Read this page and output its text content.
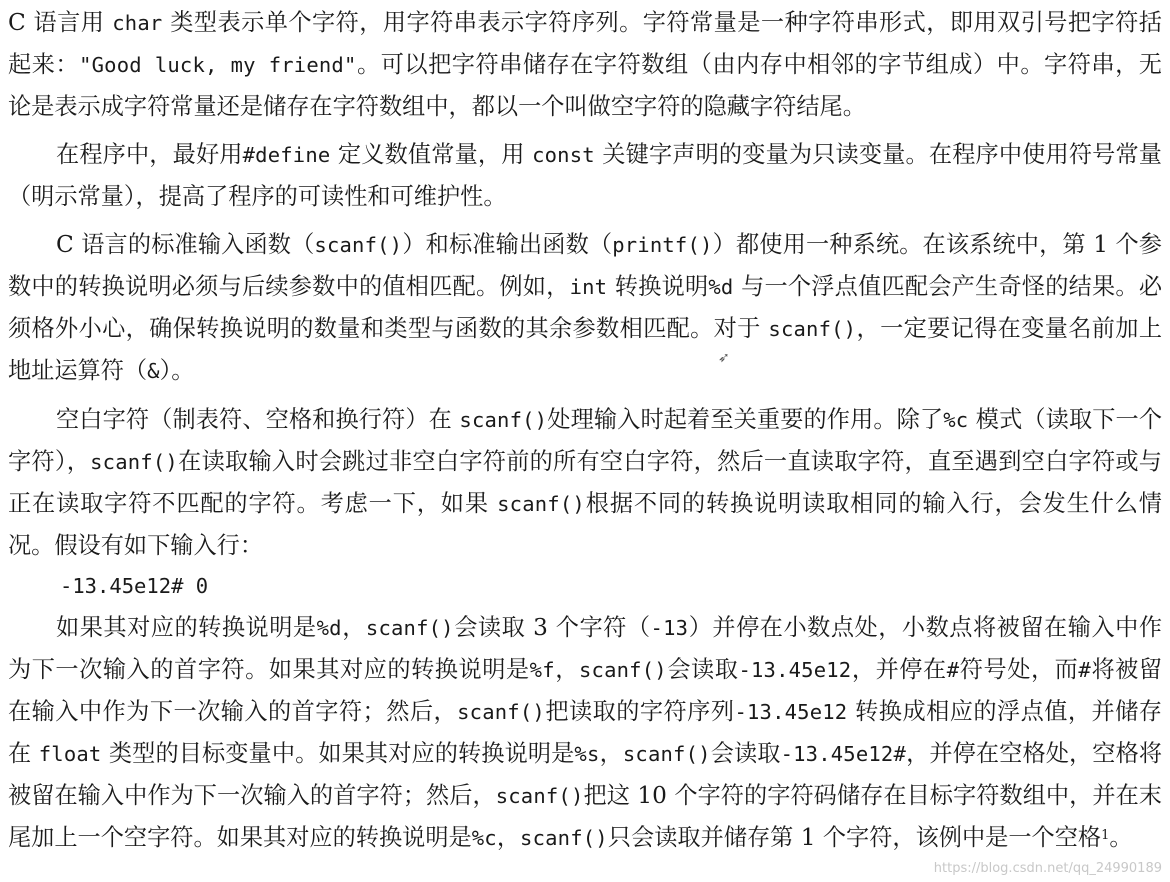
C 语言用 char 类型表示单个字符，用字符串表示字符序列。字符常量是一种字符串形式，即用双引号把字符括起来："Good luck, my friend"。可以把字符串储存在字符数组（由内存中相邻的字节组成）中。字符串，无论是表示成字符常量还是储存在字符数组中，都以一个叫做空字符的隐藏字符结尾。

在程序中，最好用#define 定义数值常量，用 const 关键字声明的变量为只读变量。在程序中使用符号常量（明示常量），提高了程序的可读性和可维护性。

C 语言的标准输入函数（scanf()）和标准输出函数（printf()）都使用一种系统。在该系统中，第 1 个参数中的转换说明必须与后续参数中的值相匹配。例如，int 转换说明%d 与一个浮点值匹配会产生奇怪的结果。必须格外小心，确保转换说明的数量和类型与函数的其余参数相匹配。对于 scanf()，一定要记得在变量名前加上地址运算符（&）。

空白字符（制表符、空格和换行符）在 scanf()处理输入时起着至关重要的作用。除了%c 模式（读取下一个字符），scanf()在读取输入时会跳过非空白字符前的所有空白字符，然后一直读取字符，直至遇到空白字符或与正在读取字符不匹配的字符。考虑一下，如果 scanf()根据不同的转换说明读取相同的输入行，会发生什么情况。假设有如下输入行：

-13.45e12# 0

如果其对应的转换说明是%d，scanf()会读取 3 个字符（-13）并停在小数点处，小数点将被留在输入中作为下一次输入的首字符。如果其对应的转换说明是%f，scanf()会读取-13.45e12，并停在#符号处，而#将被留在输入中作为下一次输入的首字符；然后，scanf()把读取的字符序列-13.45e12 转换成相应的浮点值，并储存在 float 类型的目标变量中。如果其对应的转换说明是%s，scanf()会读取-13.45e12#，并停在空格处，空格将被留在输入中作为下一次输入的首字符；然后，scanf()把这 10 个字符的字符码储存在目标字符数组中，并在末尾加上一个空字符。如果其对应的转换说明是%c，scanf()只会读取并储存第 1 个字符，该例中是一个空格$^1$。

➶
https://blog.csdn.net/qq_24990189
